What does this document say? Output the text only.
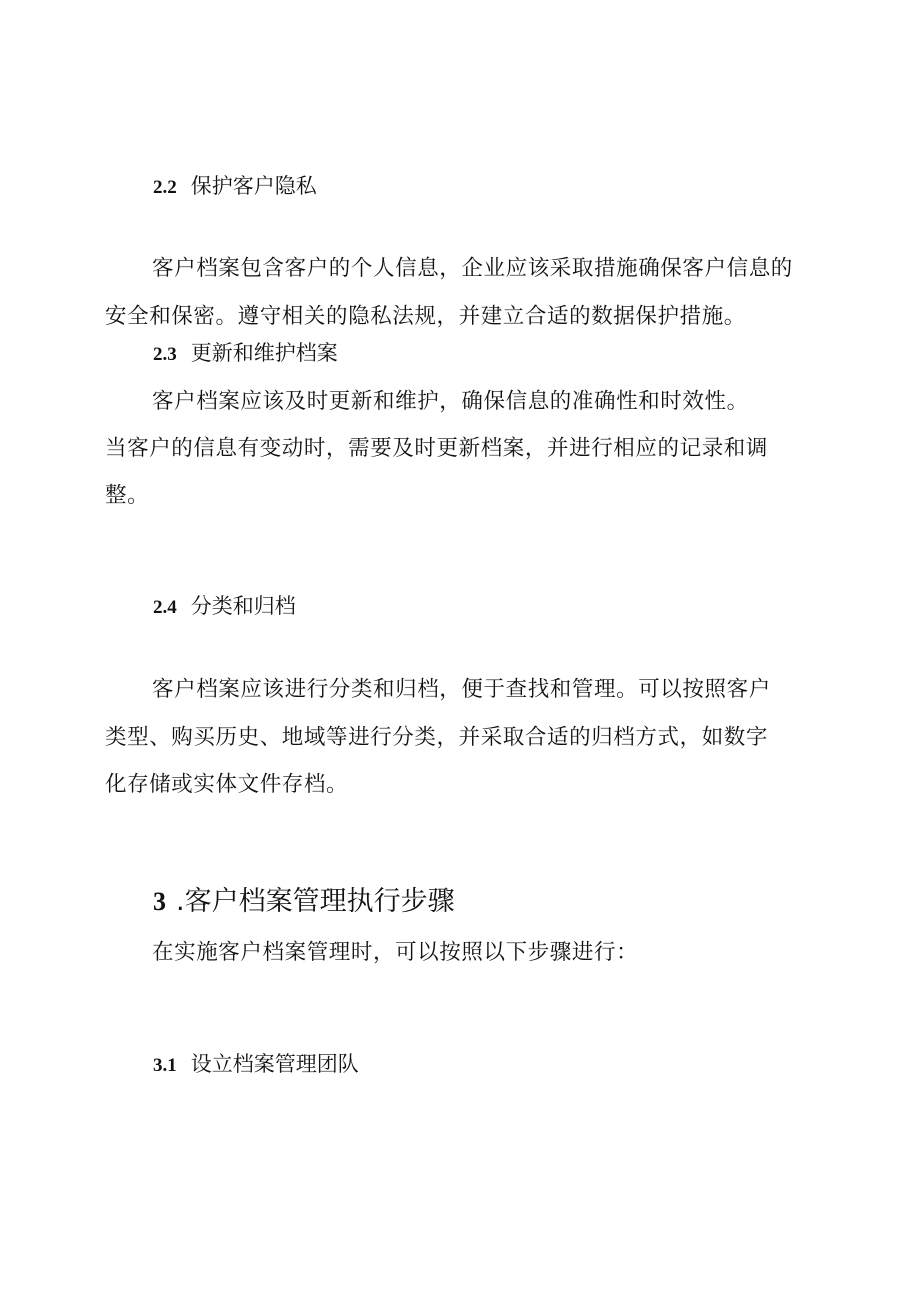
2.2 保护客户隐私
客户档案包含客户的个人信息，企业应该采取措施确保客户信息的
安全和保密。遵守相关的隐私法规，并建立合适的数据保护措施。
2.3 更新和维护档案
客户档案应该及时更新和维护，确保信息的准确性和时效性。
当客户的信息有变动时，需要及时更新档案，并进行相应的记录和调
整。
2.4 分类和归档
客户档案应该进行分类和归档，便于查找和管理。可以按照客户
类型、购买历史、地域等进行分类，并采取合适的归档方式，如数字
化存储或实体文件存档。
3 .客户档案管理执行步骤
在实施客户档案管理时，可以按照以下步骤进行：
3.1 设立档案管理团队
